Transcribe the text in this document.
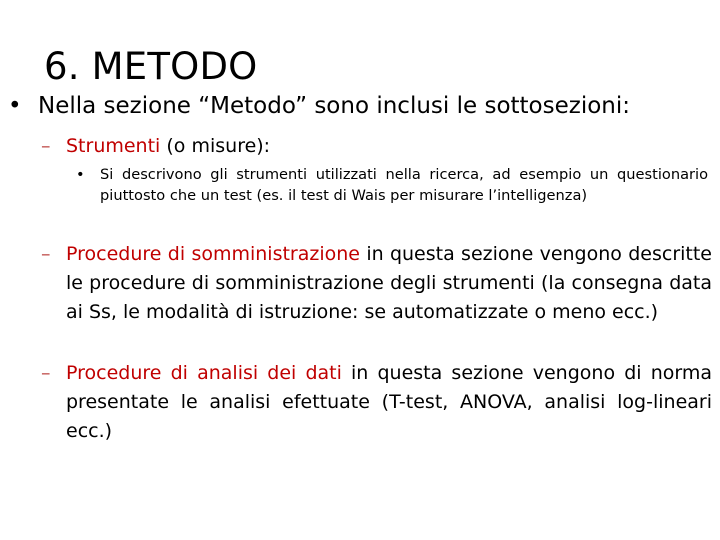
6. METODO
• Nella sezione “Metodo” sono inclusi le sottosezioni:
– Strumenti (o misure):
• Si descrivono gli strumenti utilizzati nella ricerca, ad esempio un questionario piuttosto che un test (es. il test di Wais per misurare l’intelligenza)
– Procedure di somministrazione in questa sezione vengono descritte le procedure di somministrazione degli strumenti (la consegna data ai Ss, le modalità di istruzione: se automatizzate o meno ecc.)
– Procedure di analisi dei dati in questa sezione vengono di norma presentate le analisi efettuate (T-test, ANOVA, analisi log-lineari ecc.)
